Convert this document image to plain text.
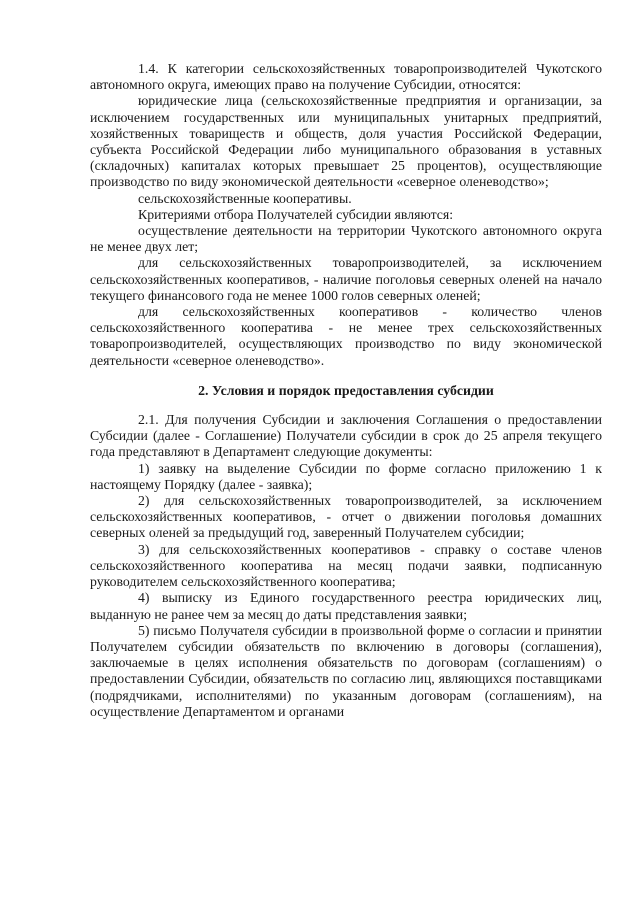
1.4. К категории сельскохозяйственных товаропроизводителей Чукотского автономного округа, имеющих право на получение Субсидии, относятся:

юридические лица (сельскохозяйственные предприятия и организации, за исключением государственных или муниципальных унитарных предприятий, хозяйственных товариществ и обществ, доля участия Российской Федерации, субъекта Российской Федерации либо муниципального образования в уставных (складочных) капиталах которых превышает 25 процентов), осуществляющие производство по виду экономической деятельности «северное оленеводство»;

сельскохозяйственные кооперативы.

Критериями отбора Получателей субсидии являются:

осуществление деятельности на территории Чукотского автономного округа не менее двух лет;

для сельскохозяйственных товаропроизводителей, за исключением сельскохозяйственных кооперативов, - наличие поголовья северных оленей на начало текущего финансового года не менее 1000 голов северных оленей;

для сельскохозяйственных кооперативов - количество членов сельскохозяйственного кооператива - не менее трех сельскохозяйственных товаропроизводителей, осуществляющих производство по виду экономической деятельности «северное оленеводство».

2. Условия и порядок предоставления субсидии

2.1. Для получения Субсидии и заключения Соглашения о предоставлении Субсидии (далее - Соглашение) Получатели субсидии в срок до 25 апреля текущего года представляют в Департамент следующие документы:

1) заявку на выделение Субсидии по форме согласно приложению 1 к настоящему Порядку (далее - заявка);

2) для сельскохозяйственных товаропроизводителей, за исключением сельскохозяйственных кооперативов, - отчет о движении поголовья домашних северных оленей за предыдущий год, заверенный Получателем субсидии;

3) для сельскохозяйственных кооперативов - справку о составе членов сельскохозяйственного кооператива на месяц подачи заявки, подписанную руководителем сельскохозяйственного кооператива;

4) выписку из Единого государственного реестра юридических лиц, выданную не ранее чем за месяц до даты представления заявки;

5) письмо Получателя субсидии в произвольной форме о согласии и принятии Получателем субсидии обязательств по включению в договоры (соглашения), заключаемые в целях исполнения обязательств по договорам (соглашениям) о предоставлении Субсидии, обязательств по согласию лиц, являющихся поставщиками (подрядчиками, исполнителями) по указанным договорам (соглашениям), на осуществление Департаментом и органами
